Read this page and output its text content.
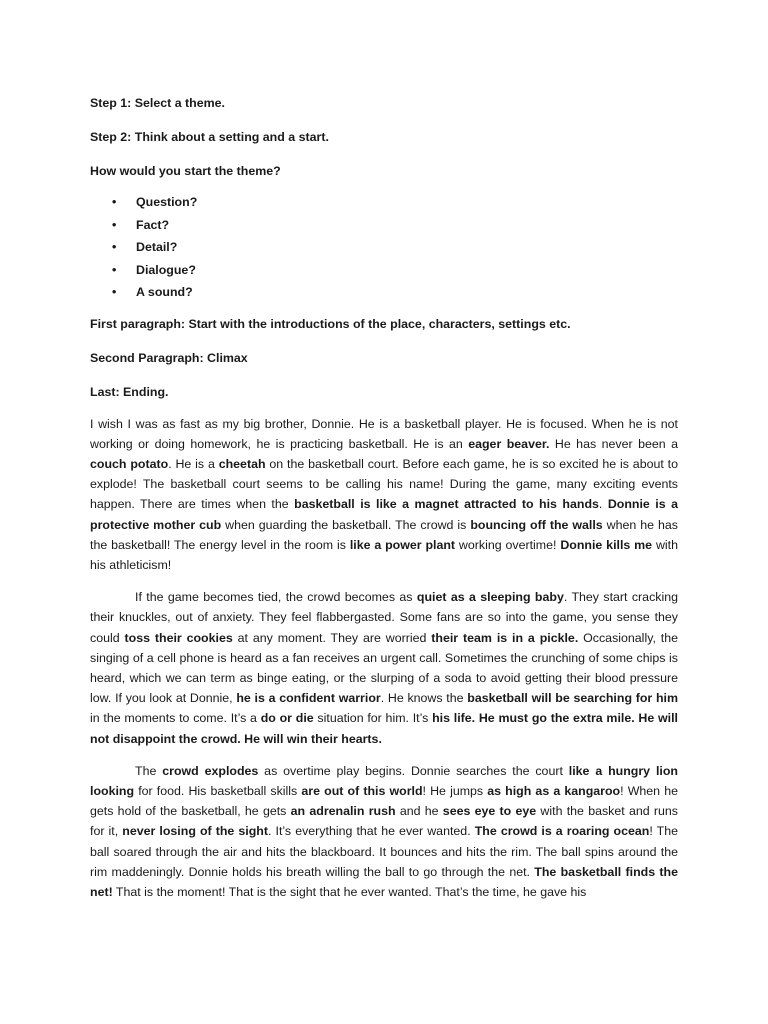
Step 1: Select a theme.

Step 2: Think about a setting and a start.

How would you start the theme?

• Question?
• Fact?
• Detail?
• Dialogue?
• A sound?

First paragraph: Start with the introductions of the place, characters, settings etc.

Second Paragraph: Climax

Last: Ending.

I wish I was as fast as my big brother, Donnie. He is a basketball player. He is focused. When he is not working or doing homework, he is practicing basketball. He is an eager beaver. He has never been a couch potato. He is a cheetah on the basketball court. Before each game, he is so excited he is about to explode! The basketball court seems to be calling his name! During the game, many exciting events happen. There are times when the basketball is like a magnet attracted to his hands. Donnie is a protective mother cub when guarding the basketball. The crowd is bouncing off the walls when he has the basketball! The energy level in the room is like a power plant working overtime! Donnie kills me with his athleticism!

If the game becomes tied, the crowd becomes as quiet as a sleeping baby. They start cracking their knuckles, out of anxiety. They feel flabbergasted. Some fans are so into the game, you sense they could toss their cookies at any moment. They are worried their team is in a pickle. Occasionally, the singing of a cell phone is heard as a fan receives an urgent call. Sometimes the crunching of some chips is heard, which we can term as binge eating, or the slurping of a soda to avoid getting their blood pressure low. If you look at Donnie, he is a confident warrior. He knows the basketball will be searching for him in the moments to come. It’s a do or die situation for him. It’s his life. He must go the extra mile. He will not disappoint the crowd. He will win their hearts.

The crowd explodes as overtime play begins. Donnie searches the court like a hungry lion looking for food. His basketball skills are out of this world! He jumps as high as a kangaroo! When he gets hold of the basketball, he gets an adrenalin rush and he sees eye to eye with the basket and runs for it, never losing of the sight. It’s everything that he ever wanted. The crowd is a roaring ocean! The ball soared through the air and hits the blackboard. It bounces and hits the rim. The ball spins around the rim maddeningly. Donnie holds his breath willing the ball to go through the net. The basketball finds the net! That is the moment! That is the sight that he ever wanted. That’s the time, he gave his
